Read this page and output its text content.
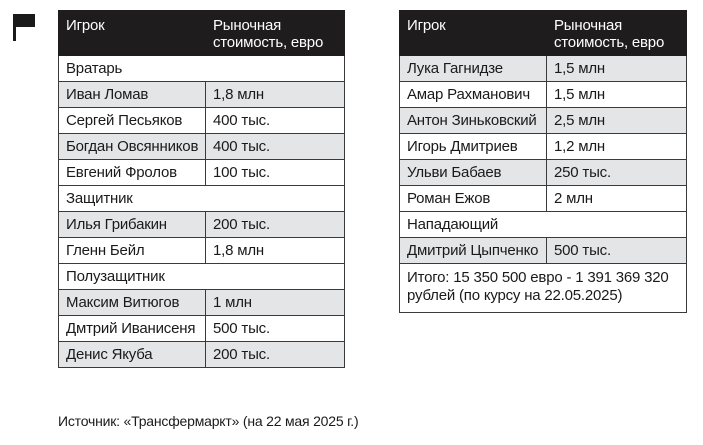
Игрок	Рыночная стоимость, евро
Вратарь	
Иван Ломав	1,8 млн
Сергей Песьяков	400 тыс.
Богдан Овсянников	400 тыс.
Евгений Фролов	100 тыс.
Защитник	
Илья Грибакин	200 тыс.
Гленн Бейл	1,8 млн
Полузащитник	
Максим Витюгов	1 млн
Дмтрий Иванисеня	500 тыс.
Денис Якуба	200 тыс.
Игрок	Рыночная стоимость, евро
Лука Гагнидзе	1,5 млн
Амар Рахманович	1,5 млн
Антон Зиньковский	2,5 млн
Игорь Дмитриев	1,2 млн
Ульви Бабаев	250 тыс.
Роман Ежов	2 млн
Нападающий	
Дмитрий Цыпченко	500 тыс.
Итого: 15 350 500 евро - 1 391 369 320 рублей (по курсу на 22.05.2025)	
Источник: «Трансфермаркт» (на 22 мая 2025 г.)
